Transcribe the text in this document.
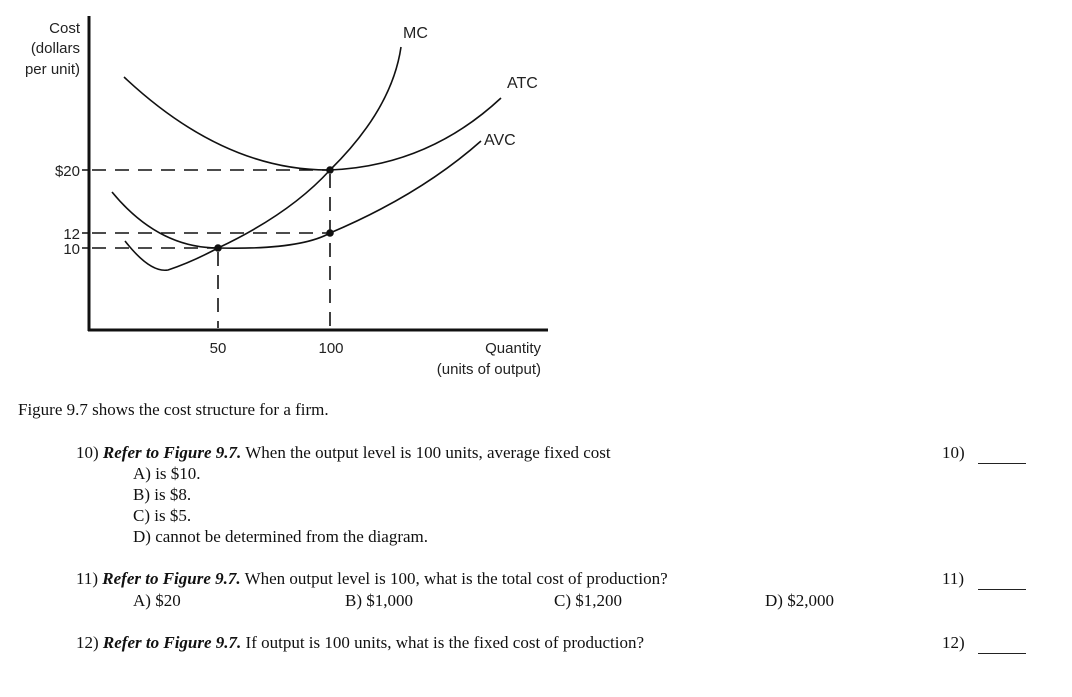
Cost
(dollars
per unit)
$20
12
10
50	100	Quantity
(units of output)
MC
ATC
AVC
Figure 9.7 shows the cost structure for a firm.
10) Refer to Figure 9.7. When the output level is 100 units, average fixed cost
A) is $10.
B) is $8.
C) is $5.
D) cannot be determined from the diagram.
10)
11) Refer to Figure 9.7. When output level is 100, what is the total cost of production?
A) $20	B) $1,000	C) $1,200	D) $2,000
11)
12) Refer to Figure 9.7. If output is 100 units, what is the fixed cost of production?	12)
